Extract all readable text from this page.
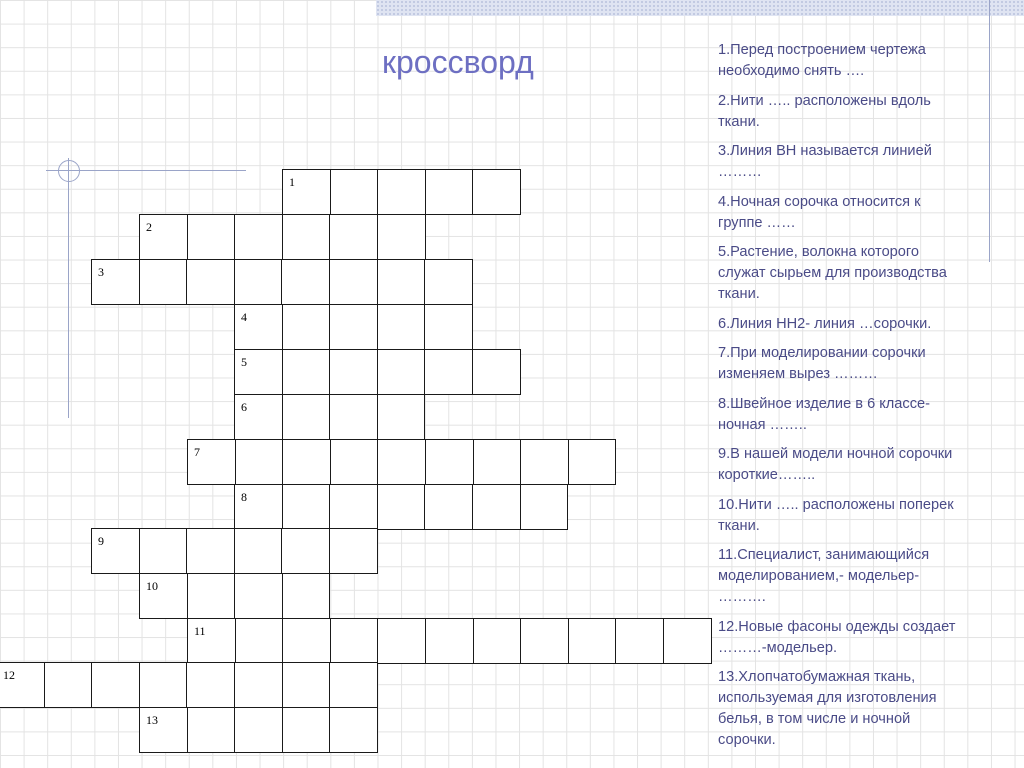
кроссворд
1
2
3
4
5
6
7
8
9
10
11
12
13

1.Перед построением чертежа
необходимо снять ….

2.Нити ….. расположены вдоль
ткани.

3.Линия ВН называется линией
………

4.Ночная сорочка относится к
группе ……

5.Растение, волокна которого
служат сырьем для производства
ткани.

6.Линия НН2- линия …сорочки.

7.При моделировании сорочки
изменяем вырез ………

8.Швейное изделие в 6 классе-
ночная ……..

9.В нашей модели ночной сорочки
короткие……..

10.Нити ….. расположены поперек
ткани.

11.Специалист, занимающийся
моделированием,- модельер-
……….

12.Новые фасоны одежды создает
………-модельер.

13.Хлопчатобумажная ткань,
используемая для изготовления
белья, в том числе и ночной
сорочки.
